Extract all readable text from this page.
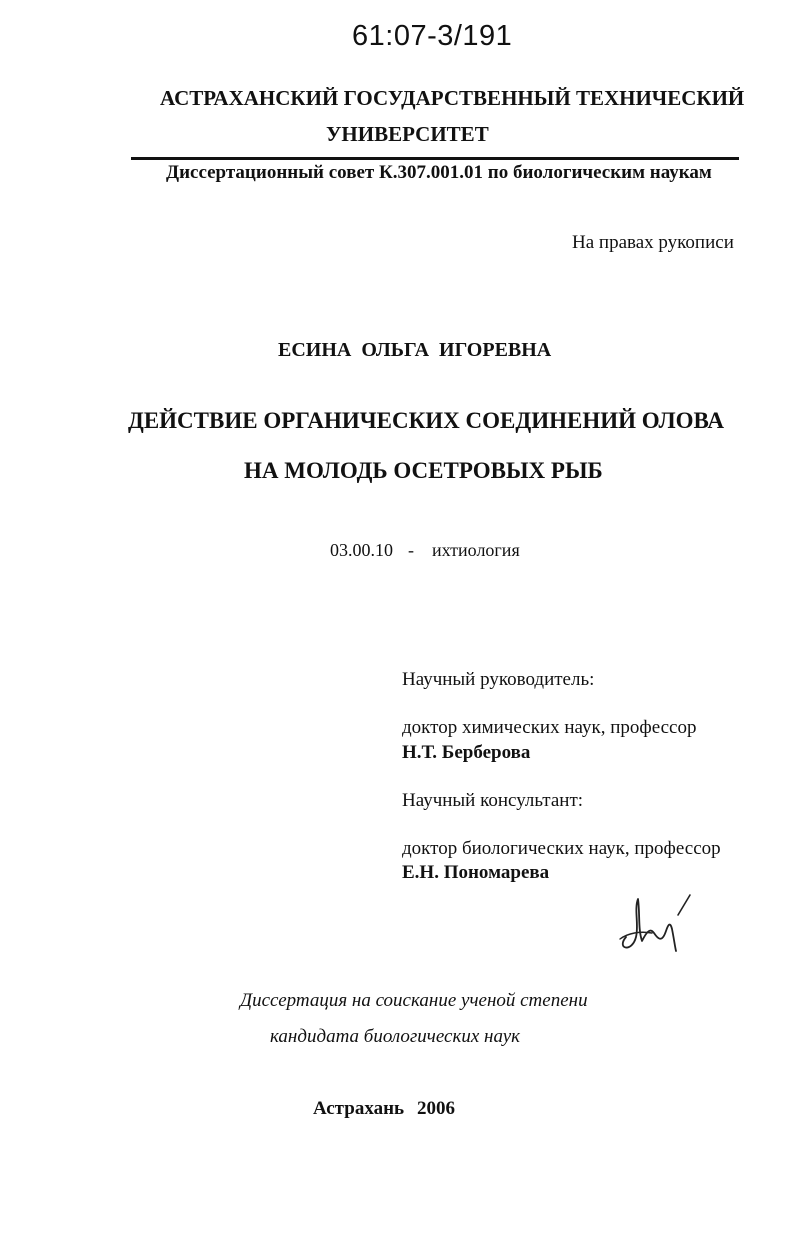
61:07-3/191
АСТРАХАНСКИЙ ГОСУДАРСТВЕННЫЙ ТЕХНИЧЕСКИЙ
УНИВЕРСИТЕТ
Диссертационный совет К.307.001.01 по биологическим наукам
На правах рукописи
ЕСИНА ОЛЬГА ИГОРЕВНА
ДЕЙСТВИЕ ОРГАНИЧЕСКИХ СОЕДИНЕНИЙ ОЛОВА
НА МОЛОДЬ ОСЕТРОВЫХ РЫБ
03.00.10 - ихтиология
Научный руководитель:
доктор химических наук, профессор
Н.Т. Берберова
Научный консультант:
доктор биологических наук, профессор
Е.Н. Пономарева
Диссертация на соискание ученой степени
кандидата биологических наук
Астрахань 2006
